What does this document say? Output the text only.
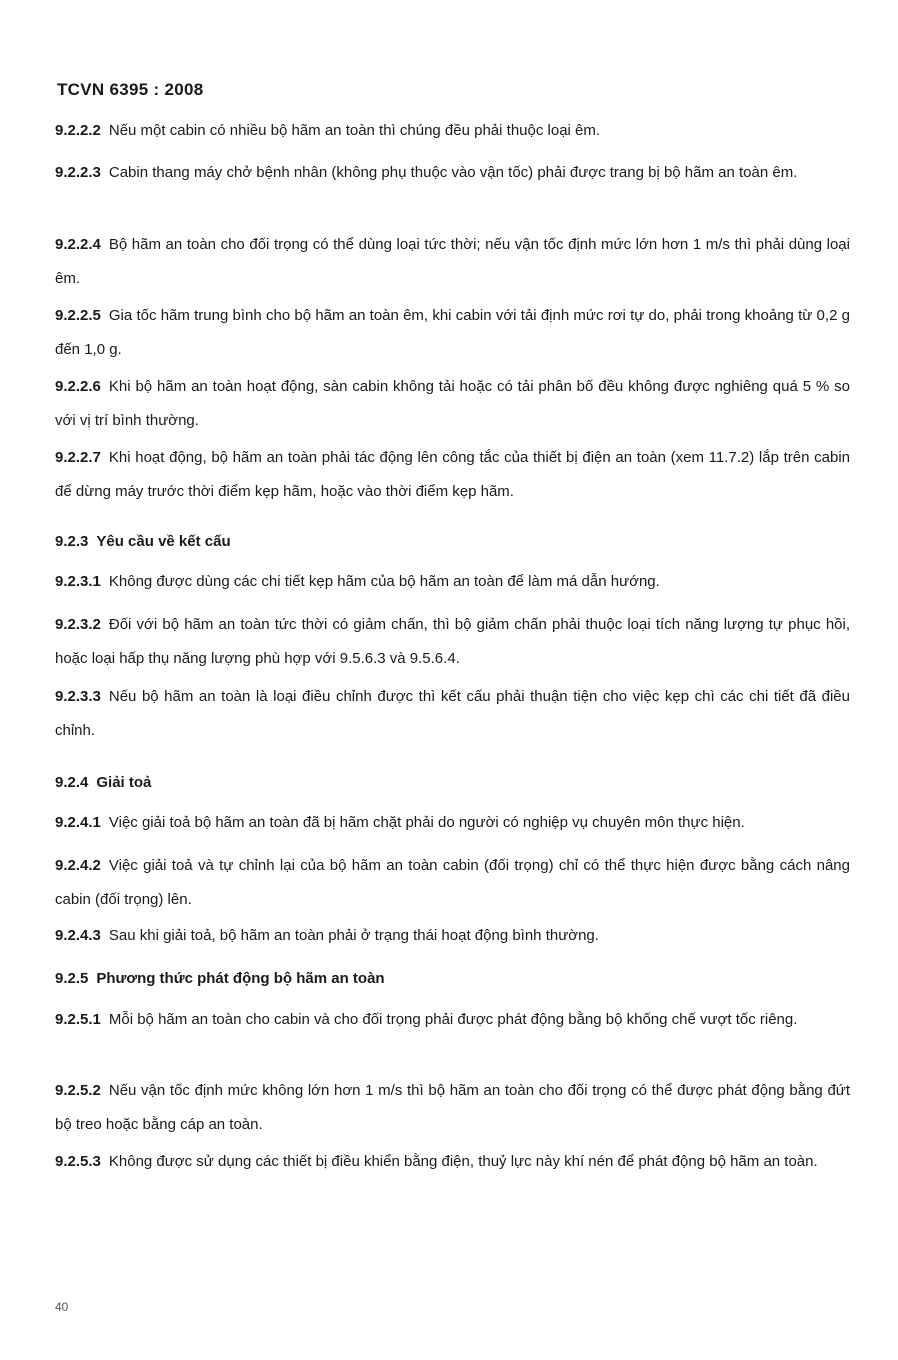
TCVN 6395 : 2008
9.2.2.2 Nếu một cabin có nhiều bộ hãm an toàn thì chúng đều phải thuộc loại êm.
9.2.2.3 Cabin thang máy chở bệnh nhân (không phụ thuộc vào vận tốc) phải được trang bị bộ hãm an toàn êm.
9.2.2.4 Bộ hãm an toàn cho đối trọng có thể dùng loại tức thời; nếu vận tốc định mức lớn hơn 1 m/s thì phải dùng loại êm.
9.2.2.5 Gia tốc hãm trung bình cho bộ hãm an toàn êm, khi cabin với tải định mức rơi tự do, phải trong khoảng từ 0,2 g đến 1,0 g.
9.2.2.6 Khi bộ hãm an toàn hoạt động, sàn cabin không tải hoặc có tải phân bố đều không được nghiêng quá 5 % so với vị trí bình thường.
9.2.2.7 Khi hoạt động, bộ hãm an toàn phải tác động lên công tắc của thiết bị điện an toàn (xem 11.7.2) lắp trên cabin để dừng máy trước thời điểm kẹp hãm, hoặc vào thời điểm kẹp hãm.
9.2.3 Yêu cầu về kết cấu
9.2.3.1 Không được dùng các chi tiết kẹp hãm của bộ hãm an toàn để làm má dẫn hướng.
9.2.3.2 Đối với bộ hãm an toàn tức thời có giảm chấn, thì bộ giảm chấn phải thuộc loại tích năng lượng tự phục hồi, hoặc loại hấp thụ năng lượng phù hợp với 9.5.6.3 và 9.5.6.4.
9.2.3.3 Nếu bộ hãm an toàn là loại điều chỉnh được thì kết cấu phải thuận tiện cho việc kẹp chì các chi tiết đã điều chỉnh.
9.2.4 Giải toả
9.2.4.1 Việc giải toả bộ hãm an toàn đã bị hãm chặt phải do người có nghiệp vụ chuyên môn thực hiện.
9.2.4.2 Việc giải toả và tự chỉnh lại của bộ hãm an toàn cabin (đối trọng) chỉ có thể thực hiện được bằng cách nâng cabin (đối trọng) lên.
9.2.4.3 Sau khi giải toả, bộ hãm an toàn phải ở trạng thái hoạt động bình thường.
9.2.5 Phương thức phát động bộ hãm an toàn
9.2.5.1 Mỗi bộ hãm an toàn cho cabin và cho đối trọng phải được phát động bằng bộ khống chế vượt tốc riêng.
9.2.5.2 Nếu vận tốc định mức không lớn hơn 1 m/s thì bộ hãm an toàn cho đối trọng có thể được phát động bằng đứt bộ treo hoặc bằng cáp an toàn.
9.2.5.3 Không được sử dụng các thiết bị điều khiển bằng điện, thuỷ lực này khí nén để phát động bộ hãm an toàn.
40
